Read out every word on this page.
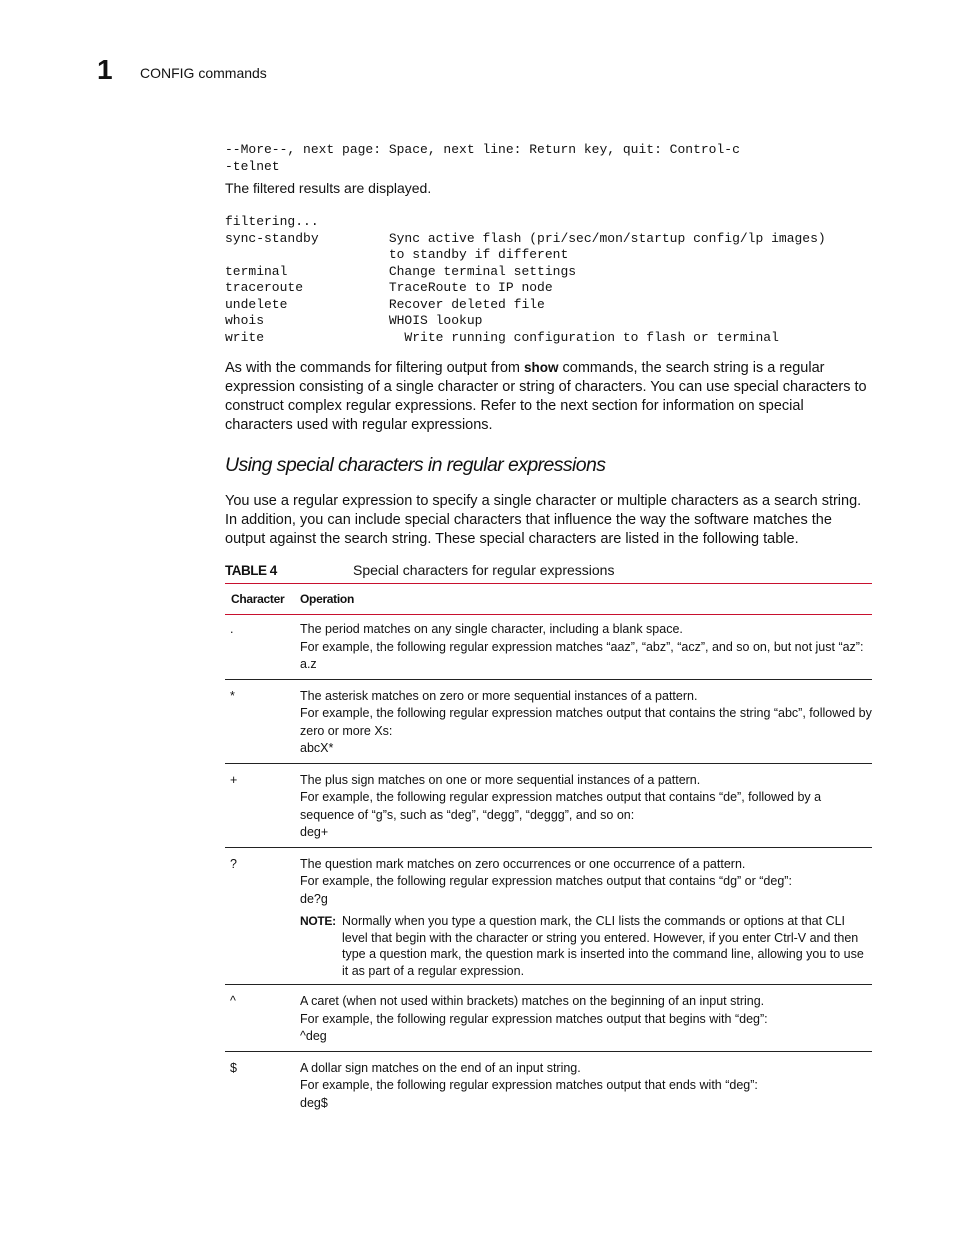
1 CONFIG commands
--More--, next page: Space, next line: Return key, quit: Control-c
-telnet
The filtered results are displayed.
filtering...
sync-standby         Sync active flash (pri/sec/mon/startup config/lp images)
to standby if different
terminal             Change terminal settings
traceroute           TraceRoute to IP node
undelete             Recover deleted file
whois                WHOIS lookup
write                  Write running configuration to flash or terminal
As with the commands for filtering output from show commands, the search string is a regular expression consisting of a single character or string of characters. You can use special characters to construct complex regular expressions. Refer to the next section for information on special characters used with regular expressions.
Using special characters in regular expressions
You use a regular expression to specify a single character or multiple characters as a search string. In addition, you can include special characters that influence the way the software matches the output against the search string. These special characters are listed in the following table.
TABLE 4	Special characters for regular expressions
Character	Operation
.	The period matches on any single character, including a blank space.

For example, the following regular expression matches “aaz”, “abz”, “acz”, and so on, but not just “az”:

a.z

*	The asterisk matches on zero or more sequential instances of a pattern.

For example, the following regular expression matches output that contains the string “abc”, followed by zero or more Xs:

abcX*

+	The plus sign matches on one or more sequential instances of a pattern.

For example, the following regular expression matches output that contains “de”, followed by a sequence of “g”s, such as “deg”, “degg”, “deggg”, and so on:

deg+

?	The question mark matches on zero occurrences or one occurrence of a pattern.

For example, the following regular expression matches output that contains “dg” or “deg”:

de?g

NOTE: Normally when you type a question mark, the CLI lists the commands or options at that CLI level that begin with the character or string you entered. However, if you enter Ctrl-V and then type a question mark, the question mark is inserted into the command line, allowing you to use it as part of a regular expression.
^	A caret (when not used within brackets) matches on the beginning of an input string.

For example, the following regular expression matches output that begins with “deg”:

^deg

$	A dollar sign matches on the end of an input string.

For example, the following regular expression matches output that ends with “deg”:

deg$
